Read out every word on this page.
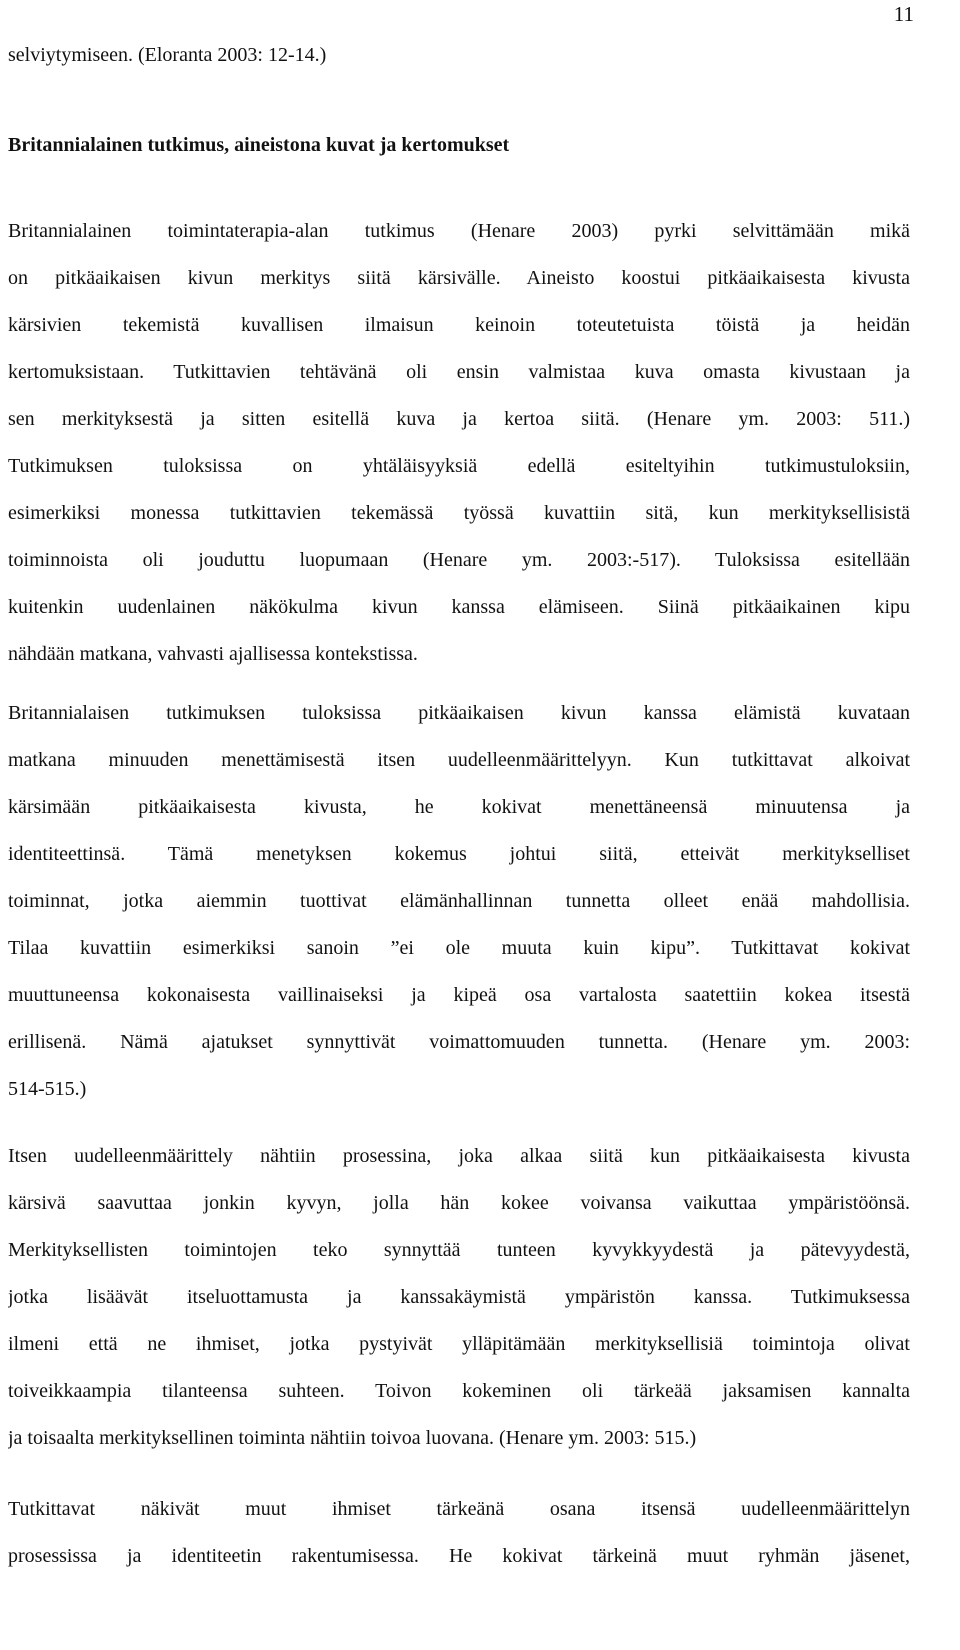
11
selviytymiseen. (Eloranta 2003: 12-14.)
Britannialainen tutkimus, aineistona kuvat ja kertomukset
Britannialainen toimintaterapia-alan tutkimus (Henare 2003) pyrki selvittämään mikä
on pitkäaikaisen kivun merkitys siitä kärsivälle. Aineisto koostui pitkäaikaisesta kivusta
kärsivien tekemistä kuvallisen ilmaisun keinoin toteutetuista töistä ja heidän
kertomuksistaan. Tutkittavien tehtävänä oli ensin valmistaa kuva omasta kivustaan ja
sen merkityksestä ja sitten esitellä kuva ja kertoa siitä. (Henare ym. 2003: 511.)
Tutkimuksen tuloksissa on yhtäläisyyksiä edellä esiteltyihin tutkimustuloksiin,
esimerkiksi monessa tutkittavien tekemässä työssä kuvattiin sitä, kun merkityksellisistä
toiminnoista oli jouduttu luopumaan (Henare ym. 2003:-517). Tuloksissa esitellään
kuitenkin uudenlainen näkökulma kivun kanssa elämiseen. Siinä pitkäaikainen kipu
nähdään matkana, vahvasti ajallisessa kontekstissa.
Britannialaisen tutkimuksen tuloksissa pitkäaikaisen kivun kanssa elämistä kuvataan
matkana minuuden menettämisestä itsen uudelleenmäärittelyyn. Kun tutkittavat alkoivat
kärsimään pitkäaikaisesta kivusta, he kokivat menettäneensä minuutensa ja
identiteettinsä. Tämä menetyksen kokemus johtui siitä, etteivät merkitykselliset
toiminnat, jotka aiemmin tuottivat elämänhallinnan tunnetta olleet enää mahdollisia.
Tilaa kuvattiin esimerkiksi sanoin ”ei ole muuta kuin kipu”. Tutkittavat kokivat
muuttuneensa kokonaisesta vaillinaiseksi ja kipeä osa vartalosta saatettiin kokea itsestä
erillisenä. Nämä ajatukset synnyttivät voimattomuuden tunnetta. (Henare ym. 2003:
514-515.)
Itsen uudelleenmäärittely nähtiin prosessina, joka alkaa siitä kun pitkäaikaisesta kivusta
kärsivä saavuttaa jonkin kyvyn, jolla hän kokee voivansa vaikuttaa ympäristöönsä.
Merkityksellisten toimintojen teko synnyttää tunteen kyvykkyydestä ja pätevyydestä,
jotka lisäävät itseluottamusta ja kanssakäymistä ympäristön kanssa. Tutkimuksessa
ilmeni että ne ihmiset, jotka pystyivät ylläpitämään merkityksellisiä toimintoja olivat
toiveikkaampia tilanteensa suhteen. Toivon kokeminen oli tärkeää jaksamisen kannalta
ja toisaalta merkityksellinen toiminta nähtiin toivoa luovana. (Henare ym. 2003: 515.)
Tutkittavat näkivät muut ihmiset tärkeänä osana itsensä uudelleenmäärittelyn
prosessissa ja identiteetin rakentumisessa. He kokivat tärkeinä muut ryhmän jäsenet,
